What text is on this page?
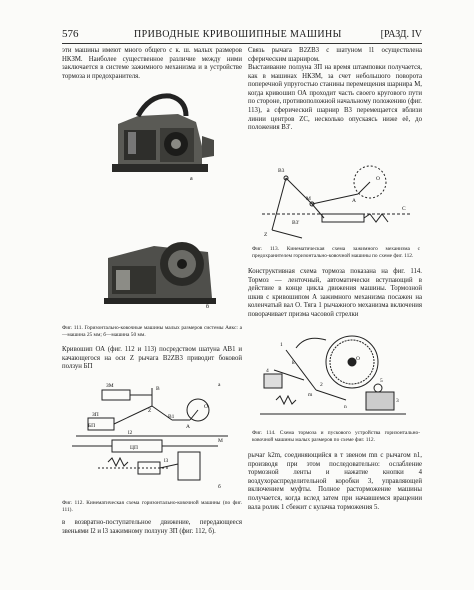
576	ПРИВОДНЫЕ КРИВОШИПНЫЕ МАШИНЫ	[РАЗД. IV
эти машины имеют много общего с к. ш. малых размеров НКЗМ. Наиболее существенное различие между ними заключается в системе зажимного механизма и в устройстве тормоза и предохранителя.
а
б
Фиг. 111. Горизонтально-ковочные машины малых размеров системы Аякс: а—машина 25 мм; б—машина 50 мм.
Кривошип ОА (фиг. 112 и 113) посредством шатуна AB1 и качающегося на оси Z рычага B2ZB3 приводит боковой ползун БП
ЗМ
ЗП
БП
В
В1
А
О
Z
М
а
б
l2
l3
ЦП
Фиг. 112. Кинематическая схема горизонтально-ковочной машины (по фиг. 111).
в возвратно-поступательное движение, передающееся звеньями l2 и l3 зажимному ползуну ЗП (фиг. 112, б).
Связь рычага B2ZB3 с шатуном l1 осуществлена сферическим шарниром.
Выстаивание ползуна ЗП на время штамповки получается, как в машинах НКЗМ, за счет небольшого поворота поперечной упругостью станины перемещения шарнира M, когда кривошип ОА проходит часть своего кругового пути по стороне, противоположной начальному положению (фиг. 113), а сферический шарнир B3 перемещается вблизи линии центров ZC, несколько опускаясь ниже её, до положения B3'.
B3
M
C
Z
A
O
B3'
Фиг. 113. Кинематическая схема зажимного механизма с предохранителем горизонтально-ковочной машины по схеме фиг. 112.
Конструктивная схема тормоза показана на фиг. 114. Тормоз — ленточный, автоматически вступающий в действие в конце цикла движения машины. Тормозной шкив с кривошипом А зажимного механизма посажен на коленчатый вал О. Тяга 1 рычажного механизма включения поворачивает призма часовой стрелки
1
2
3
4
5
О
k
m
n
Фиг. 114. Схема тормоза и пускового устройства горизонтально-ковочной машины малых размеров по схеме фиг. 112.
рычаг k2m, соединяющийся в т звеном mn с рычагом n1, производя при этом последовательно: ослабление тормозной ленты и нажатие кнопки 4 воздухораспределительной коробки 3, управляющей включением муфты. Полное расторможение машины получается, когда вслед затем при начавшемся вращении вала ролик 1 сбежит с кулачка торможения 5.
